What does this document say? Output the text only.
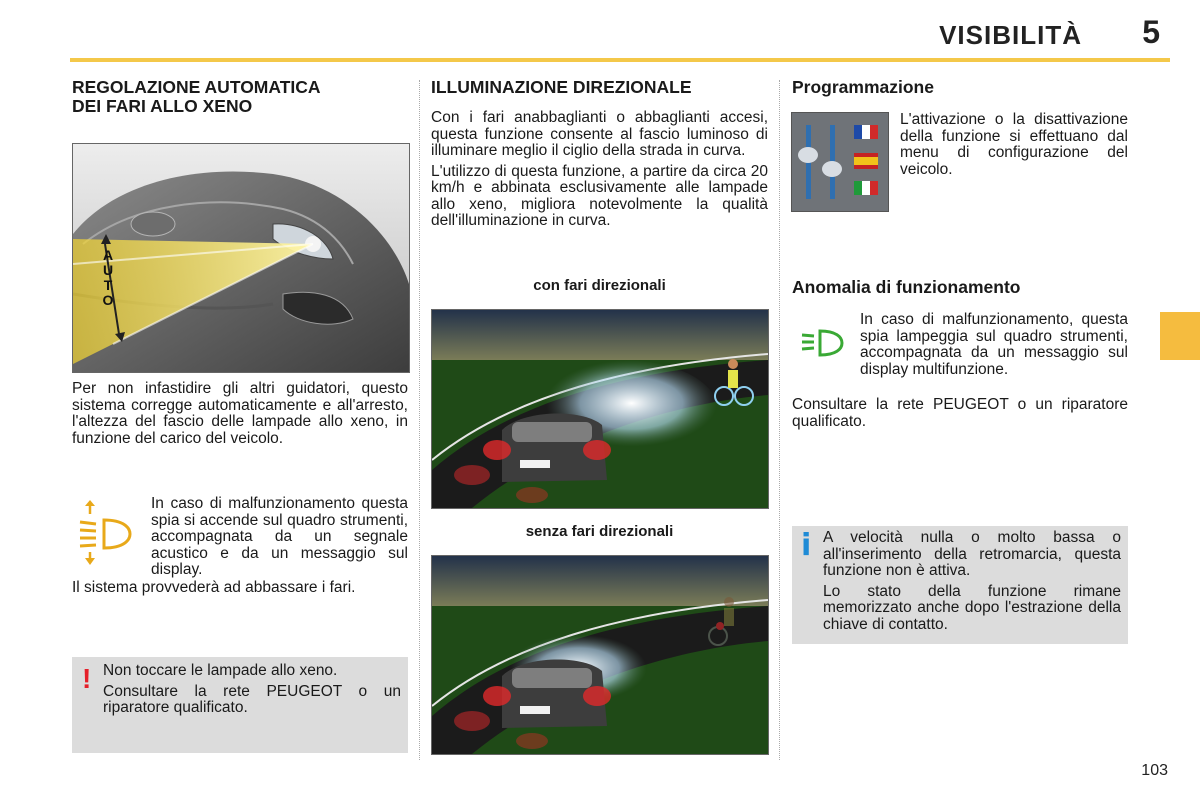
VISIBILITÀ 5
REGOLAZIONE AUTOMATICA
DEI FARI ALLO XENO
AUTO

Per non infastidire gli altri guidatori, questo sistema corregge automaticamente e all'arresto, l'altezza del fascio delle lampade allo xeno, in funzione del carico del veicolo.

In caso di malfunzionamento questa spia si accende sul quadro strumenti, accompagnata da un segnale acustico e da un messaggio sul display.

Il sistema provvederà ad abbassare i fari.

! Non toccare le lampade allo xeno.

Consultare la rete PEUGEOT o un riparatore qualificato.

ILLUMINAZIONE DIREZIONALE

Con i fari anabbaglianti o abbaglianti accesi, questa funzione consente al fascio luminoso di illuminare meglio il ciglio della strada in curva.

L'utilizzo di questa funzione, a partire da circa 20 km/h e abbinata esclusivamente alle lampade allo xeno, migliora notevolmente la qualità dell'illuminazione in curva.

con fari direzionali
senza fari direzionali
Programmazione

L'attivazione o la disattivazione della funzione si effettuano dal menu di configurazione del veicolo.

Anomalia di funzionamento

In caso di malfunzionamento, questa spia lampeggia sul quadro strumenti, accompagnata da un messaggio sul display multifunzione.

Consultare la rete PEUGEOT o un riparatore qualificato.

i A velocità nulla o molto bassa o all'inserimento della retromarcia, questa funzione non è attiva.

Lo stato della funzione rimane memorizzato anche dopo l'estrazione della chiave di contatto.

103
